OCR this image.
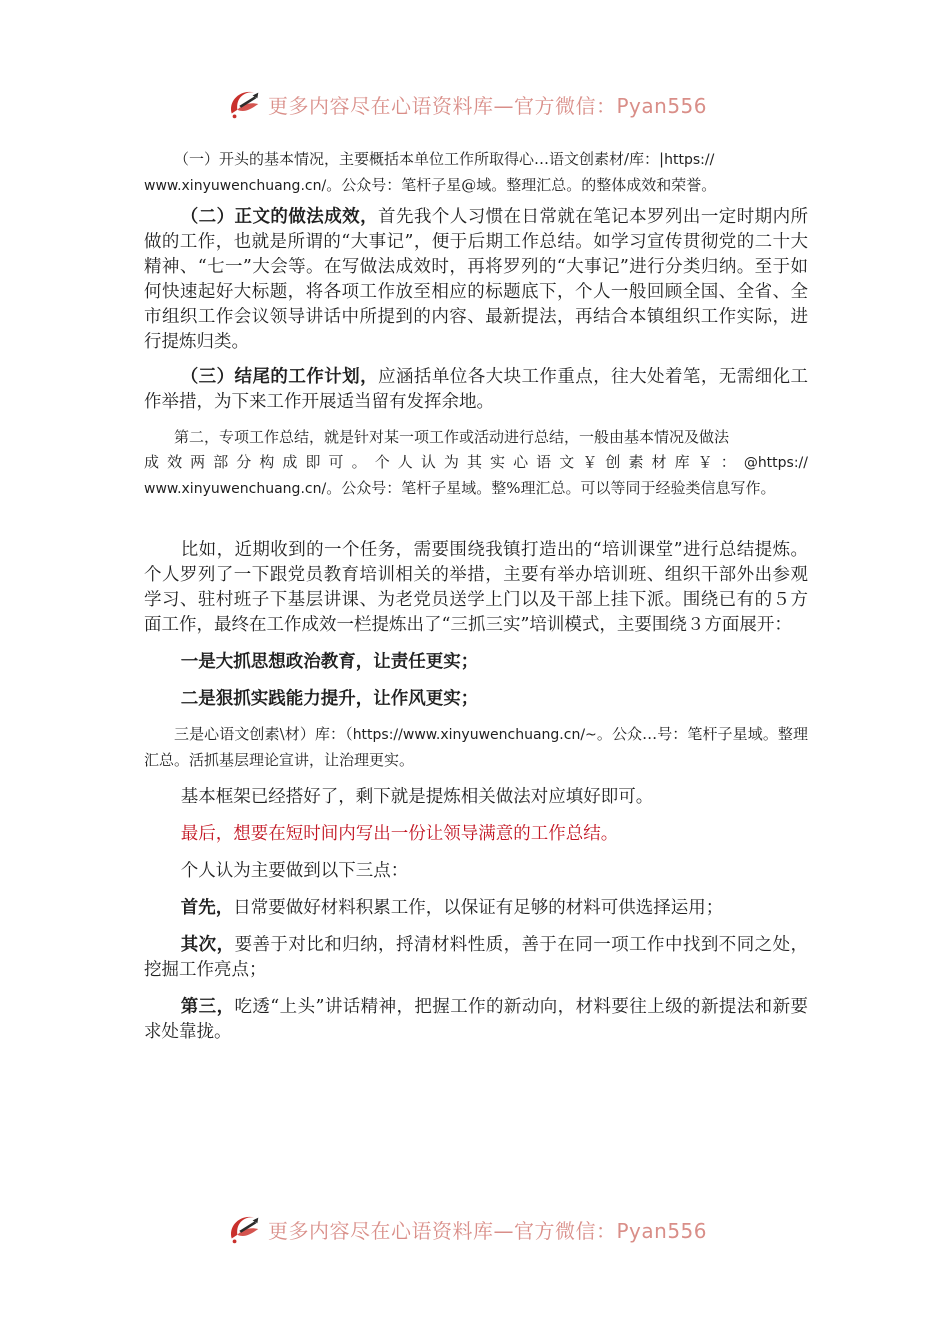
更多内容尽在心语资料库—官方微信：Pyan556

（一）开头的基本情况，主要概括本单位工作所取得心…语文创素材/库：|https://
www.xinyuwenchuang.cn/。公众号：笔杆子星@域。整理汇总。的整体成效和荣誉。

（二）正文的做法成效，首先我个人习惯在日常就在笔记本罗列出一定时期内所做的工作，也就是所谓的“大事记”，便于后期工作总结。如学习宣传贯彻党的二十大精神、“七一”大会等。在写做法成效时，再将罗列的“大事记”进行分类归纳。至于如何快速起好大标题，将各项工作放至相应的标题底下，个人一般回顾全国、全省、全市组织工作会议领导讲话中所提到的内容、最新提法，再结合本镇组织工作实际，进行提炼归类。

（三）结尾的工作计划，应涵括单位各大块工作重点，往大处着笔，无需细化工作举措，为下来工作开展适当留有发挥余地。

第二，专项工作总结，就是针对某一项工作或活动进行总结，一般由基本情况及做法

成效两部分构成即可。个人认为其实心语文￥创素材库￥：@https://

www.xinyuwenchuang.cn/。公众号：笔杆子星域。整%理汇总。可以等同于经验类信息写作。

比如，近期收到的一个任务，需要围绕我镇打造出的“培训课堂”进行总结提炼。个人罗列了一下跟党员教育培训相关的举措，主要有举办培训班、组织干部外出参观学习、驻村班子下基层讲课、为老党员送学上门以及干部上挂下派。围绕已有的５方面工作，最终在工作成效一栏提炼出了“三抓三实”培训模式，主要围绕３方面展开：

一是大抓思想政治教育，让责任更实；

二是狠抓实践能力提升，让作风更实；

三是心语文创素\材）库：（https://www.xinyuwenchuang.cn/~。公众…号：笔杆子星域。整理汇总。活抓基层理论宣讲，让治理更实。

基本框架已经搭好了，剩下就是提炼相关做法对应填好即可。

最后，想要在短时间内写出一份让领导满意的工作总结。

个人认为主要做到以下三点：

首先，日常要做好材料积累工作，以保证有足够的材料可供选择运用；

其次，要善于对比和归纳，捋清材料性质，善于在同一项工作中找到不同之处，挖掘工作亮点；

第三，吃透“上头”讲话精神，把握工作的新动向，材料要往上级的新提法和新要求处靠拢。

更多内容尽在心语资料库—官方微信：Pyan556
